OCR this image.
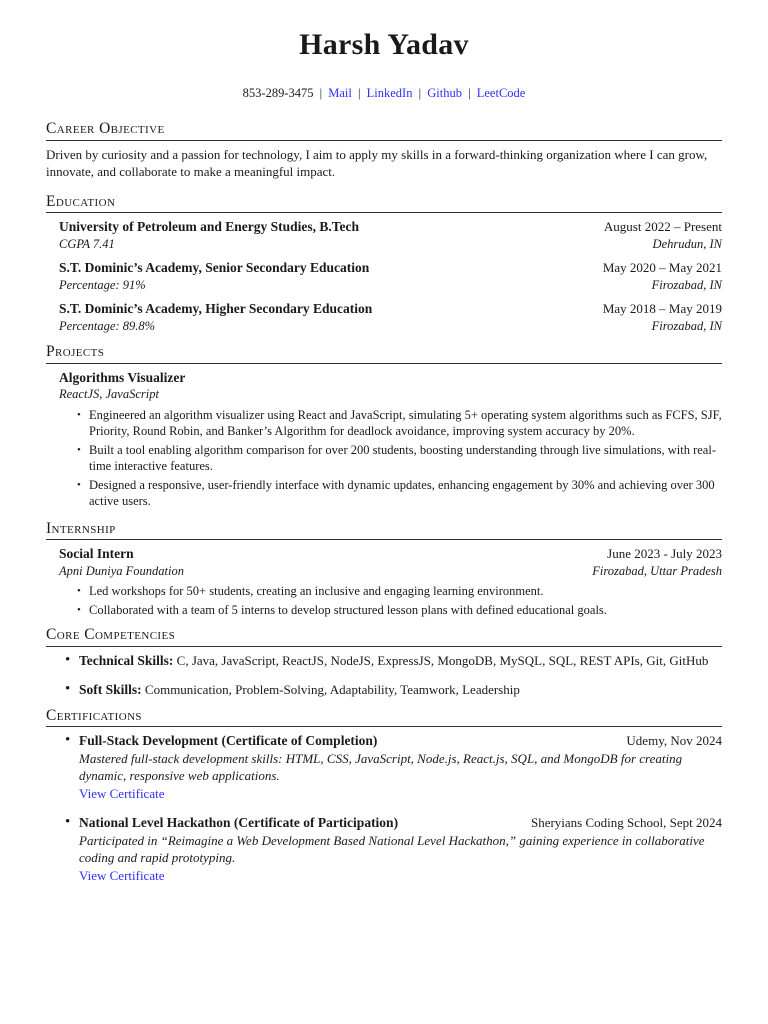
Harsh Yadav
853-289-3475 | Mail | LinkedIn | Github | LeetCode
Career Objective

Driven by curiosity and a passion for technology, I aim to apply my skills in a forward-thinking organization where I can grow, innovate, and collaborate to make a meaningful impact.

Education
University of Petroleum and Energy Studies, B.Tech	August 2022 – Present
CGPA 7.41	Dehrudun, IN
S.T. Dominic’s Academy, Senior Secondary Education	May 2020 – May 2021
Percentage: 91%	Firozabad, IN
S.T. Dominic’s Academy, Higher Secondary Education	May 2018 – May 2019
Percentage: 89.8%	Firozabad, IN
Projects
Algorithms Visualizer
ReactJS, JavaScript
• Engineered an algorithm visualizer using React and JavaScript, simulating 5+ operating system algorithms such as FCFS, SJF, Priority, Round Robin, and Banker’s Algorithm for deadlock avoidance, improving system accuracy by 20%.
• Built a tool enabling algorithm comparison for over 200 students, boosting understanding through live simulations, with real-time interactive features.
• Designed a responsive, user-friendly interface with dynamic updates, enhancing engagement by 30% and achieving over 300 active users.
Internship
Social Intern	June 2023 - July 2023
Apni Duniya Foundation	Firozabad, Uttar Pradesh
• Led workshops for 50+ students, creating an inclusive and engaging learning environment.
• Collaborated with a team of 5 interns to develop structured lesson plans with defined educational goals.
Core Competencies
• Technical Skills: C, Java, JavaScript, ReactJS, NodeJS, ExpressJS, MongoDB, MySQL, SQL, REST APIs, Git, GitHub
• Soft Skills: Communication, Problem-Solving, Adaptability, Teamwork, Leadership
Certifications
• Full-Stack Development (Certificate of Completion)	Udemy, Nov 2024
Mastered full-stack development skills: HTML, CSS, JavaScript, Node.js, React.js, SQL, and MongoDB for creating dynamic, responsive web applications.
View Certificate
• National Level Hackathon (Certificate of Participation)	Sheryians Coding School, Sept 2024
Participated in “Reimagine a Web Development Based National Level Hackathon,” gaining experience in collaborative coding and rapid prototyping.
View Certificate
